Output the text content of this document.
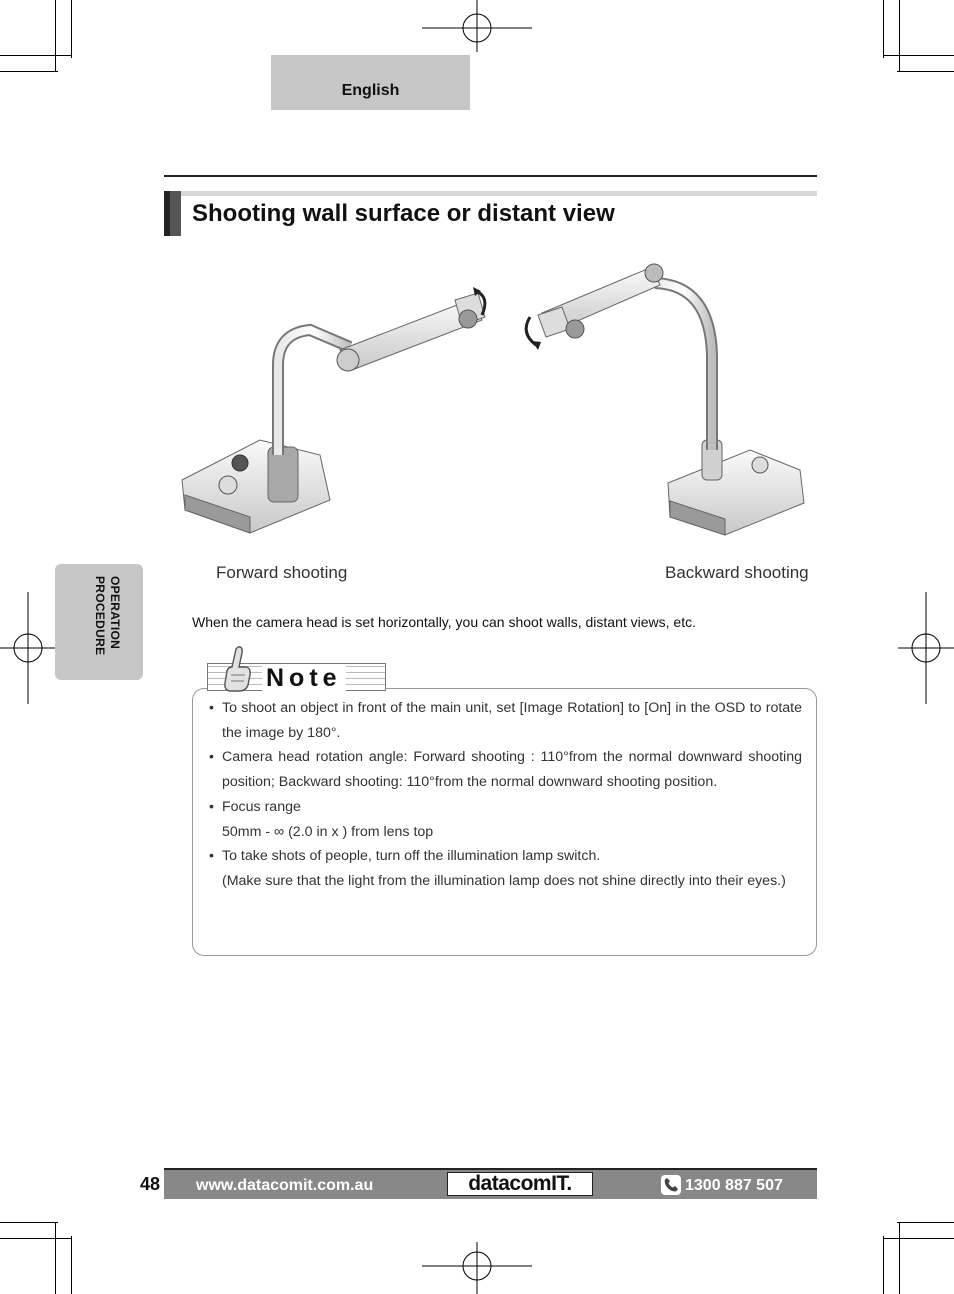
English
Shooting wall surface or distant view
Forward shooting	Backward shooting
When the camera head is set horizontally, you can shoot walls, distant views, etc.
OPERATION
PROCEDURE
Note
• To shoot an object in front of the main unit, set [Image Rotation] to [On] in the OSD to rotate the image by 180°.
• Camera head rotation angle: Forward shooting : 110°from the normal downward shooting position; Backward shooting: 110°from the normal downward shooting position.
• Focus range
50mm - ∞ (2.0 in x ) from lens top
• To take shots of people, turn off the illumination lamp switch.
(Make sure that the light from the illumination lamp does not shine directly into their eyes.)
48 www.datacomit.com.au	datacomIT.	1300 887 507
